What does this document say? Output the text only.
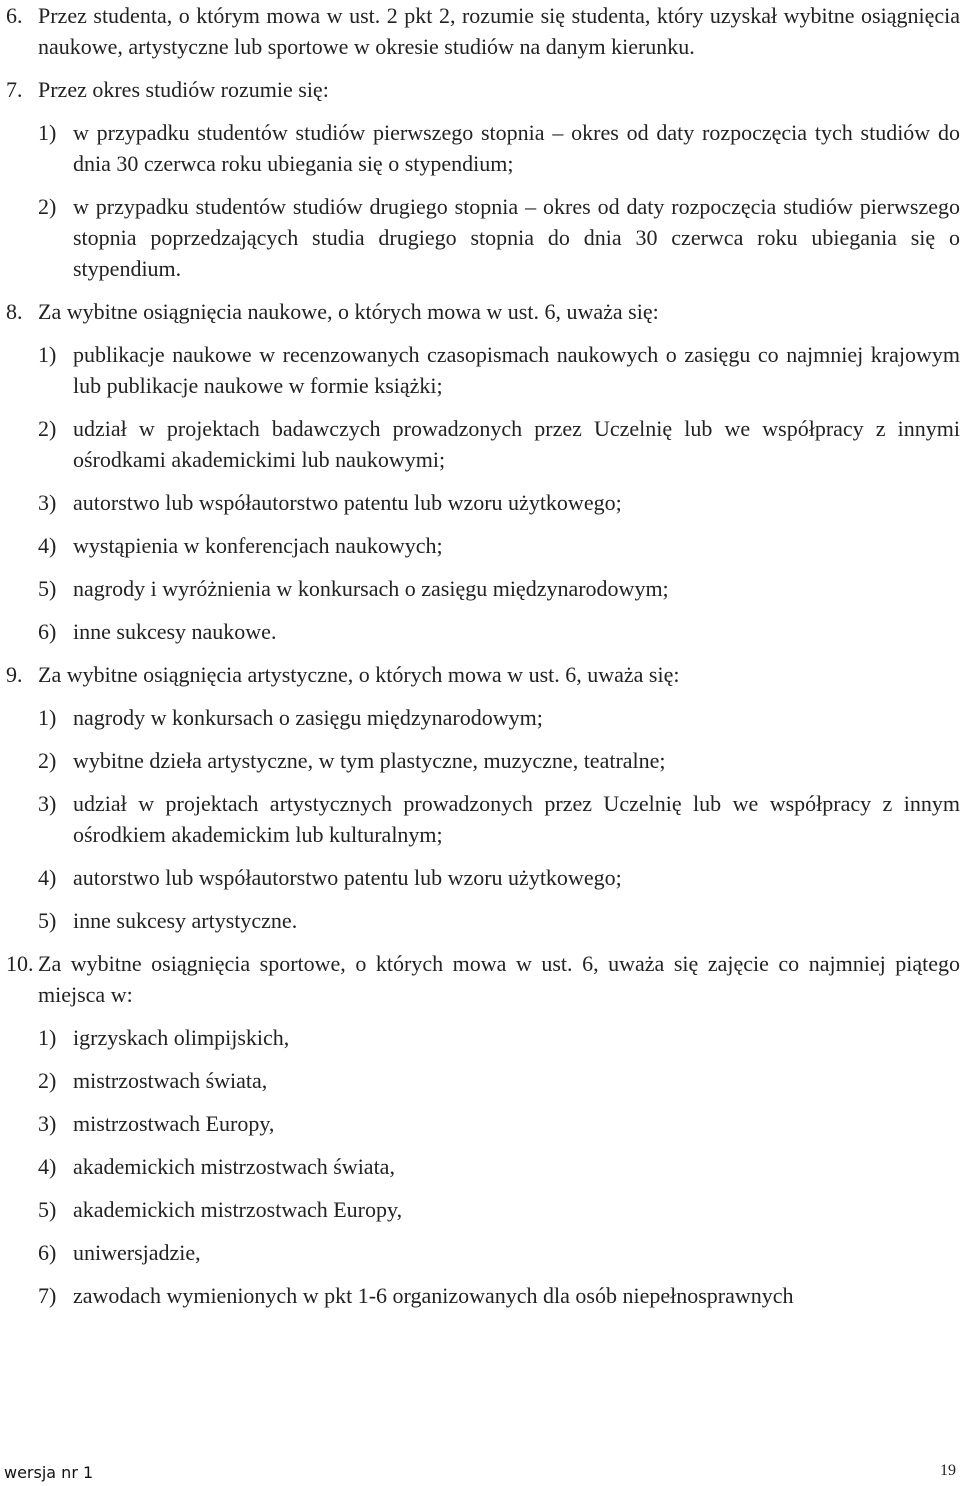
6. Przez studenta, o którym mowa w ust. 2 pkt 2, rozumie się studenta, który uzyskał wybitne osiągnięcia naukowe, artystyczne lub sportowe w okresie studiów na danym kierunku.
7. Przez okres studiów rozumie się:
1) w przypadku studentów studiów pierwszego stopnia – okres od daty rozpoczęcia tych studiów do dnia 30 czerwca roku ubiegania się o stypendium;
2) w przypadku studentów studiów drugiego stopnia – okres od daty rozpoczęcia studiów pierwszego stopnia poprzedzających studia drugiego stopnia do dnia 30 czerwca roku ubiegania się o stypendium.
8. Za wybitne osiągnięcia naukowe, o których mowa w ust. 6, uważa się:
1) publikacje naukowe w recenzowanych czasopismach naukowych o zasięgu co najmniej krajowym lub publikacje naukowe w formie książki;
2) udział w projektach badawczych prowadzonych przez Uczelnię lub we współpracy z innymi ośrodkami akademickimi lub naukowymi;
3) autorstwo lub współautorstwo patentu lub wzoru użytkowego;
4) wystąpienia w konferencjach naukowych;
5) nagrody i wyróżnienia w konkursach o zasięgu międzynarodowym;
6) inne sukcesy naukowe.
9. Za wybitne osiągnięcia artystyczne, o których mowa w ust. 6, uważa się:
1) nagrody w konkursach o zasięgu międzynarodowym;
2) wybitne dzieła artystyczne, w tym plastyczne, muzyczne, teatralne;
3) udział w projektach artystycznych prowadzonych przez Uczelnię lub we współpracy z innym ośrodkiem akademickim lub kulturalnym;
4) autorstwo lub współautorstwo patentu lub wzoru użytkowego;
5) inne sukcesy artystyczne.
10. Za wybitne osiągnięcia sportowe, o których mowa w ust. 6, uważa się zajęcie co najmniej piątego miejsca w:
1) igrzyskach olimpijskich,
2) mistrzostwach świata,
3) mistrzostwach Europy,
4) akademickich mistrzostwach świata,
5) akademickich mistrzostwach Europy,
6) uniwersjadzie,
7) zawodach wymienionych w pkt 1-6 organizowanych dla osób niepełnosprawnych
wersja nr 1	19
